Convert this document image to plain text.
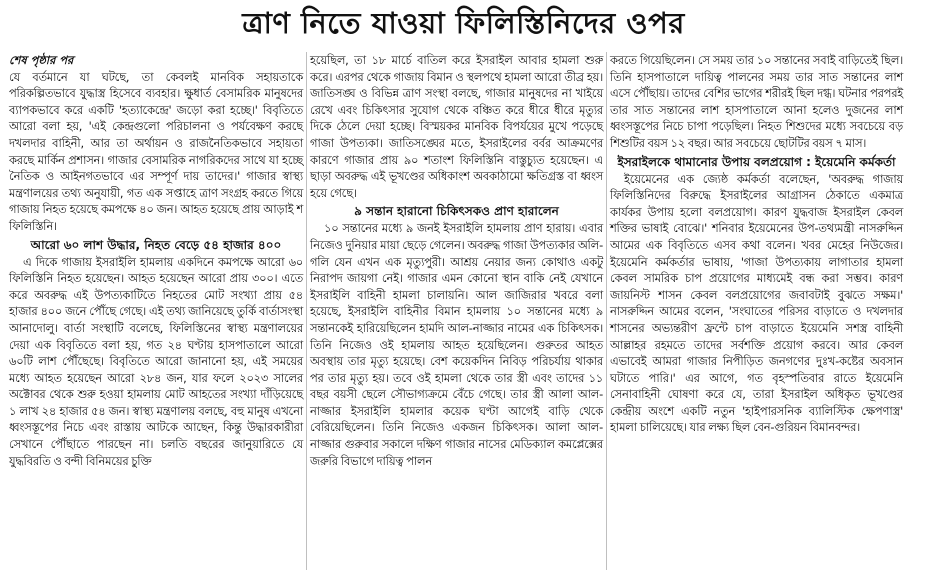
ত্রাণ নিতে যাওয়া ফিলিস্তিনিদের ওপর
শেষ পৃষ্ঠার পর

যে বর্তমানে যা ঘটছে, তা কেবলই মানবিক সহায়তাকে পরিকল্পিতভাবে যুদ্ধাস্ত্র হিসেবে ব্যবহার। ক্ষুধার্ত বেসামরিক মানুষদের ব্যাপকভাবে করে একটি 'হত্যাকেন্দ্রে' জড়ো করা হচ্ছে।' বিবৃতিতে আরো বলা হয়, 'এই কেন্দ্রগুলো পরিচালনা ও পর্যবেক্ষণ করছে দখলদার বাহিনী, আর তা অর্থায়ন ও রাজনৈতিকভাবে সহায়তা করছে মার্কিন প্রশাসন। গাজার বেসামরিক নাগরিকদের সাথে যা হচ্ছে নৈতিক ও আইনগতভাবে এর সম্পূর্ণ দায় তাদের।' গাজার স্বাস্থ্য মন্ত্রণালয়ের তথ্য অনুযায়ী, গত এক সপ্তাহে ত্রাণ সংগ্রহ করতে গিয়ে গাজায় নিহত হয়েছে কমপক্ষে ৪০ জন। আহত হয়েছে প্রায় আড়াই শ ফিলিস্তিনি।

আরো ৬০ লাশ উদ্ধার, নিহত বেড়ে ৫৪ হাজার ৪০০

এ দিকে গাজায় ইসরাইলি হামলায় একদিনে কমপক্ষে আরো ৬০ ফিলিস্তিনি নিহত হয়েছেন। আহত হয়েছেন আরো প্রায় ৩০০। এতে করে অবরুদ্ধ এই উপত্যকাটিতে নিহতের মোট সংখ্যা প্রায় ৫৪ হাজার ৪০০ জনে পৌঁছে গেছে। এই তথ্য জানিয়েছে তুর্কি বার্তাসংস্থা আনাদোলু। বার্তা সংস্থাটি বলেছে, ফিলিস্তিনের স্বাস্থ্য মন্ত্রণালয়ের দেয়া এক বিবৃতিতে বলা হয়, গত ২৪ ঘণ্টায় হাসপাতালে আরো ৬০টি লাশ পৌঁছেছে। বিবৃতিতে আরো জানানো হয়, এই সময়ের মধ্যে আহত হয়েছেন আরো ২৮৪ জন, যার ফলে ২০২৩ সালের অক্টোবর থেকে শুরু হওয়া হামলায় মোট আহতের সংখ্যা দাঁড়িয়েছে ১ লাখ ২৪ হাজার ৫৪ জন। স্বাস্থ্য মন্ত্রণালয় বলছে, বহু মানুষ এখনো ধ্বংসস্তূপের নিচে এবং রাস্তায় আটকে আছেন, কিন্তু উদ্ধারকারীরা সেখানে পৌঁছাতে পারছেন না। চলতি বছরের জানুয়ারিতে যে যুদ্ধবিরতি ও বন্দী বিনিময়ের চুক্তি

হয়েছিল, তা ১৮ মার্চে বাতিল করে ইসরাইল আবার হামলা শুরু করে। এরপর থেকে গাজায় বিমান ও স্থলপথে হামলা আরো তীব্র হয়। জাতিসঙ্ঘ ও বিভিন্ন ত্রাণ সংস্থা বলছে, গাজার মানুষদের না খাইয়ে রেখে এবং চিকিৎসার সুযোগ থেকে বঞ্চিত করে ধীরে ধীরে মৃত্যুর দিকে ঠেলে দেয়া হচ্ছে। বিস্ময়কর মানবিক বিপর্যয়ের মুখে পড়েছে গাজা উপত্যকা। জাতিসঙ্ঘের মতে, ইসরাইলের বর্বর আক্রমণের কারণে গাজার প্রায় ৯০ শতাংশ ফিলিস্তিনি বাস্তুচ্যুত হয়েছেন। এ ছাড়া অবরুদ্ধ এই ভূখণ্ডের অধিকাংশ অবকাঠামো ক্ষতিগ্রস্ত বা ধ্বংস হয়ে গেছে।

৯ সন্তান হারানো চিকিৎসকও প্রাণ হারালেন

১০ সন্তানের মধ্যে ৯ জনই ইসরাইলি হামলায় প্রাণ হারায়। এবার নিজেও দুনিয়ার মায়া ছেড়ে গেলেন। অবরুদ্ধ গাজা উপত্যকার অলি-গলি যেন এখন এক মৃত্যুপুরী। আশ্রয় নেয়ার জন্য কোথাও একটু নিরাপদ জায়গা নেই। গাজার এমন কোনো স্থান বাকি নেই যেখানে ইসরাইলি বাহিনী হামলা চালায়নি। আল জাজিরার খবরে বলা হয়েছে, ইসরাইলি বাহিনীর বিমান হামলায় ১০ সন্তানের মধ্যে ৯ সন্তানকেই হারিয়েছিলেন হামদি আল-নাজ্জার নামের এক চিকিৎসক। তিনি নিজেও ওই হামলায় আহত হয়েছিলেন। গুরুতর আহত অবস্থায় তার মৃত্যু হয়েছে। বেশ কয়েকদিন নিবিড় পরিচর্যায় থাকার পর তার মৃত্যু হয়। তবে ওই হামলা থেকে তার স্ত্রী এবং তাদের ১১ বছর বয়সী ছেলে সৌভাগ্যক্রমে বেঁচে গেছে। তার স্ত্রী আলা আল-নাজ্জার ইসরাইলি হামলার কয়েক ঘণ্টা আগেই বাড়ি থেকে বেরিয়েছিলেন। তিনি নিজেও একজন চিকিৎসক। আলা আল-নাজ্জার গুরুবার সকালে দক্ষিণ গাজার নাসের মেডিক্যাল কমপ্লেক্সের জরুরি বিভাগে দায়িত্ব পালন

করতে গিয়েছিলেন। সে সময় তার ১০ সন্তানের সবাই বাড়িতেই ছিল। তিনি হাসপাতালে দায়িত্ব পালনের সময় তার সাত সন্তানের লাশ এসে পৌঁছায়। তাদের বেশির ভাগের শরীরই ছিল দগ্ধ। ঘটনার পরপরই তার সাত সন্তানের লাশ হাসপাতালে আনা হলেও দুজনের লাশ ধ্বংসস্তূপের নিচে চাপা পড়েছিল। নিহত শিশুদের মধ্যে সবচেয়ে বড় শিশুটির বয়স ১২ বছর। আর সবচেয়ে ছোটটির বয়স ৭ মাস।

ইসরাইলকে থামানোর উপায় বলপ্রয়োগ : ইয়েমেনি কর্মকর্তা

ইয়েমেনের এক জ্যেষ্ঠ কর্মকর্তা বলেছেন, 'অবরুদ্ধ গাজায় ফিলিস্তিনিদের বিরুদ্ধে ইসরাইলের আগ্রাসন ঠেকাতে একমাত্র কার্যকর উপায় হলো বলপ্রয়োগ। কারণ যুদ্ধবাজ ইসরাইল কেবল শক্তির ভাষাই বোঝে।' শনিবার ইয়েমেনের উপ-তথ্যমন্ত্রী নাসরুদ্দিন আমের এক বিবৃতিতে এসব কথা বলেন। খবর মেহের নিউজের। ইয়েমেনি কর্মকর্তার ভাষায়, 'গাজা উপত্যকায় লাগাতার হামলা কেবল সামরিক চাপ প্রয়োগের মাধ্যমেই বন্ধ করা সম্ভব। কারণ জায়নিস্ট শাসন কেবল বলপ্রয়োগের জবাবটাই বুঝতে সক্ষম।' নাসরুদ্দিন আমের বলেন, 'সংঘাতের পরিসর বাড়াতে ও দখলদার শাসনের অভ্যন্তরীণ ফ্রন্টে চাপ বাড়াতে ইয়েমেনি সশস্ত্র বাহিনী আল্লাহর রহমতে তাদের সর্বশক্তি প্রয়োগ করবে। আর কেবল এভাবেই আমরা গাজার নিপীড়িত জনগণের দুঃখ-কষ্টের অবসান ঘটাতে পারি।' এর আগে, গত বৃহস্পতিবার রাতে ইয়েমেনি সেনাবাহিনী ঘোষণা করে যে, তারা ইসরাইল অধিকৃত ভূখণ্ডের কেন্দ্রীয় অংশে একটি নতুন 'হাইপারসনিক ব্যালিস্টিক ক্ষেপণাস্ত্র' হামলা চালিয়েছে। যার লক্ষ্য ছিল বেন-গুরিয়ন বিমানবন্দর।
